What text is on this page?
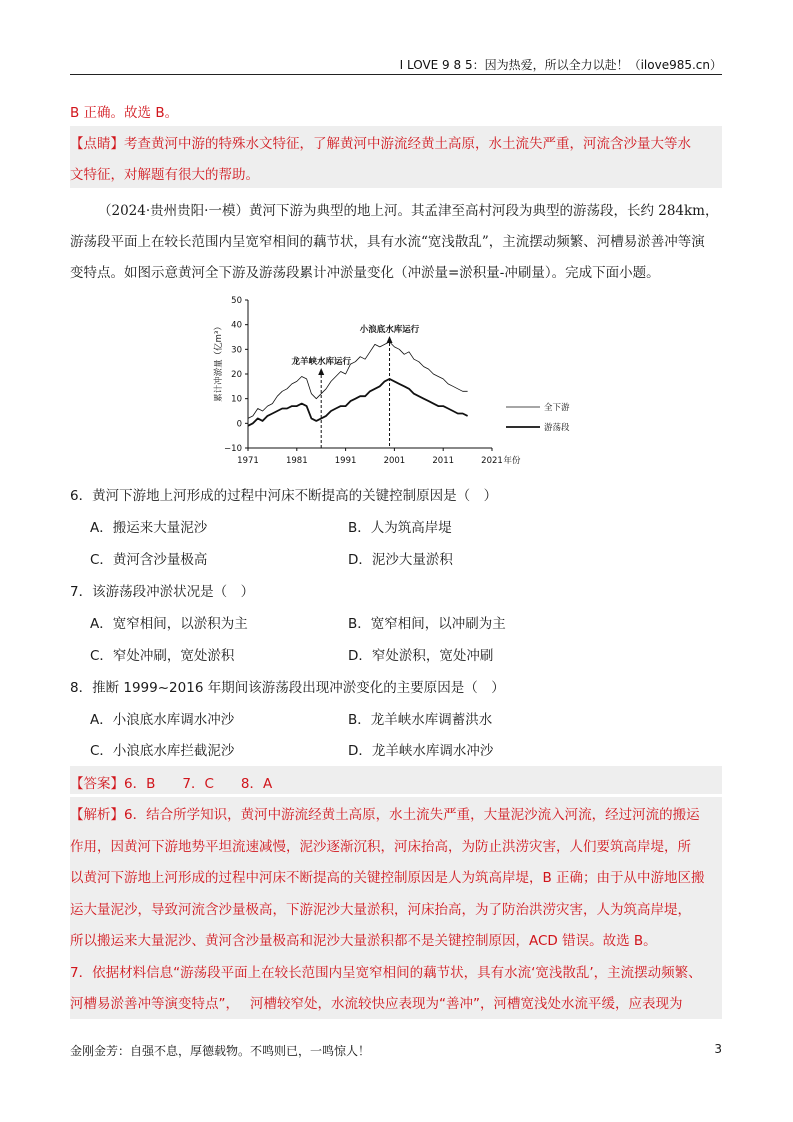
I LOVE 9 8 5：因为热爱，所以全力以赴！（ilove985.cn）
B 正确。故选 B。
【点睛】考查黄河中游的特殊水文特征，了解黄河中游流经黄土高原，水土流失严重，河流含沙量大等水
文特征，对解题有很大的帮助。
（2024·贵州贵阳·一模）黄河下游为典型的地上河。其孟津至高村河段为典型的游荡段，长约 284km，
游荡段平面上在较长范围内呈宽窄相间的藕节状，具有水流“宽浅散乱”，主流摆动频繁、河槽易淤善冲等演
变特点。如图示意黄河全下游及游荡段累计冲淤量变化（冲淤量=淤积量-冲刷量）。完成下面小题。
50
40
30
20
10
0
−10
1971	1981	1991	2001	2011	2021 年份
累计冲淤量（亿m³）
全下游
游荡段
龙羊峡水库运行
小浪底水库运行
6．黄河下游地上河形成的过程中河床不断提高的关键控制原因是（　）
A．搬运来大量泥沙	B．人为筑高岸堤
C．黄河含沙量极高	D．泥沙大量淤积
7．该游荡段冲淤状况是（　）
A．宽窄相间，以淤积为主	B．宽窄相间，以冲刷为主
C．窄处冲刷，宽处淤积	D．窄处淤积，宽处冲刷
8．推断 1999~2016 年期间该游荡段出现冲淤变化的主要原因是（　）
A．小浪底水库调水冲沙	B．龙羊峡水库调蓄洪水
C．小浪底水库拦截泥沙	D．龙羊峡水库调水冲沙
【答案】6．B　　7．C　　8．A
【解析】6．结合所学知识，黄河中游流经黄土高原，水土流失严重，大量泥沙流入河流，经过河流的搬运
作用，因黄河下游地势平坦流速减慢，泥沙逐渐沉积，河床抬高，为防止洪涝灾害，人们要筑高岸堤，所
以黄河下游地上河形成的过程中河床不断提高的关键控制原因是人为筑高岸堤，B 正确；由于从中游地区搬
运大量泥沙，导致河流含沙量极高，下游泥沙大量淤积，河床抬高，为了防治洪涝灾害，人为筑高岸堤，
所以搬运来大量泥沙、黄河含沙量极高和泥沙大量淤积都不是关键控制原因，ACD 错误。故选 B。
7．依据材料信息“游荡段平面上在较长范围内呈宽窄相间的藕节状，具有水流‘宽浅散乱’，主流摆动频繁、
河槽易淤善冲等演变特点”，　 河槽较窄处，水流较快应表现为“善冲”，河槽宽浅处水流平缓，应表现为
金刚金芳：自强不息，厚德载物。不鸣则已，一鸣惊人！	3
